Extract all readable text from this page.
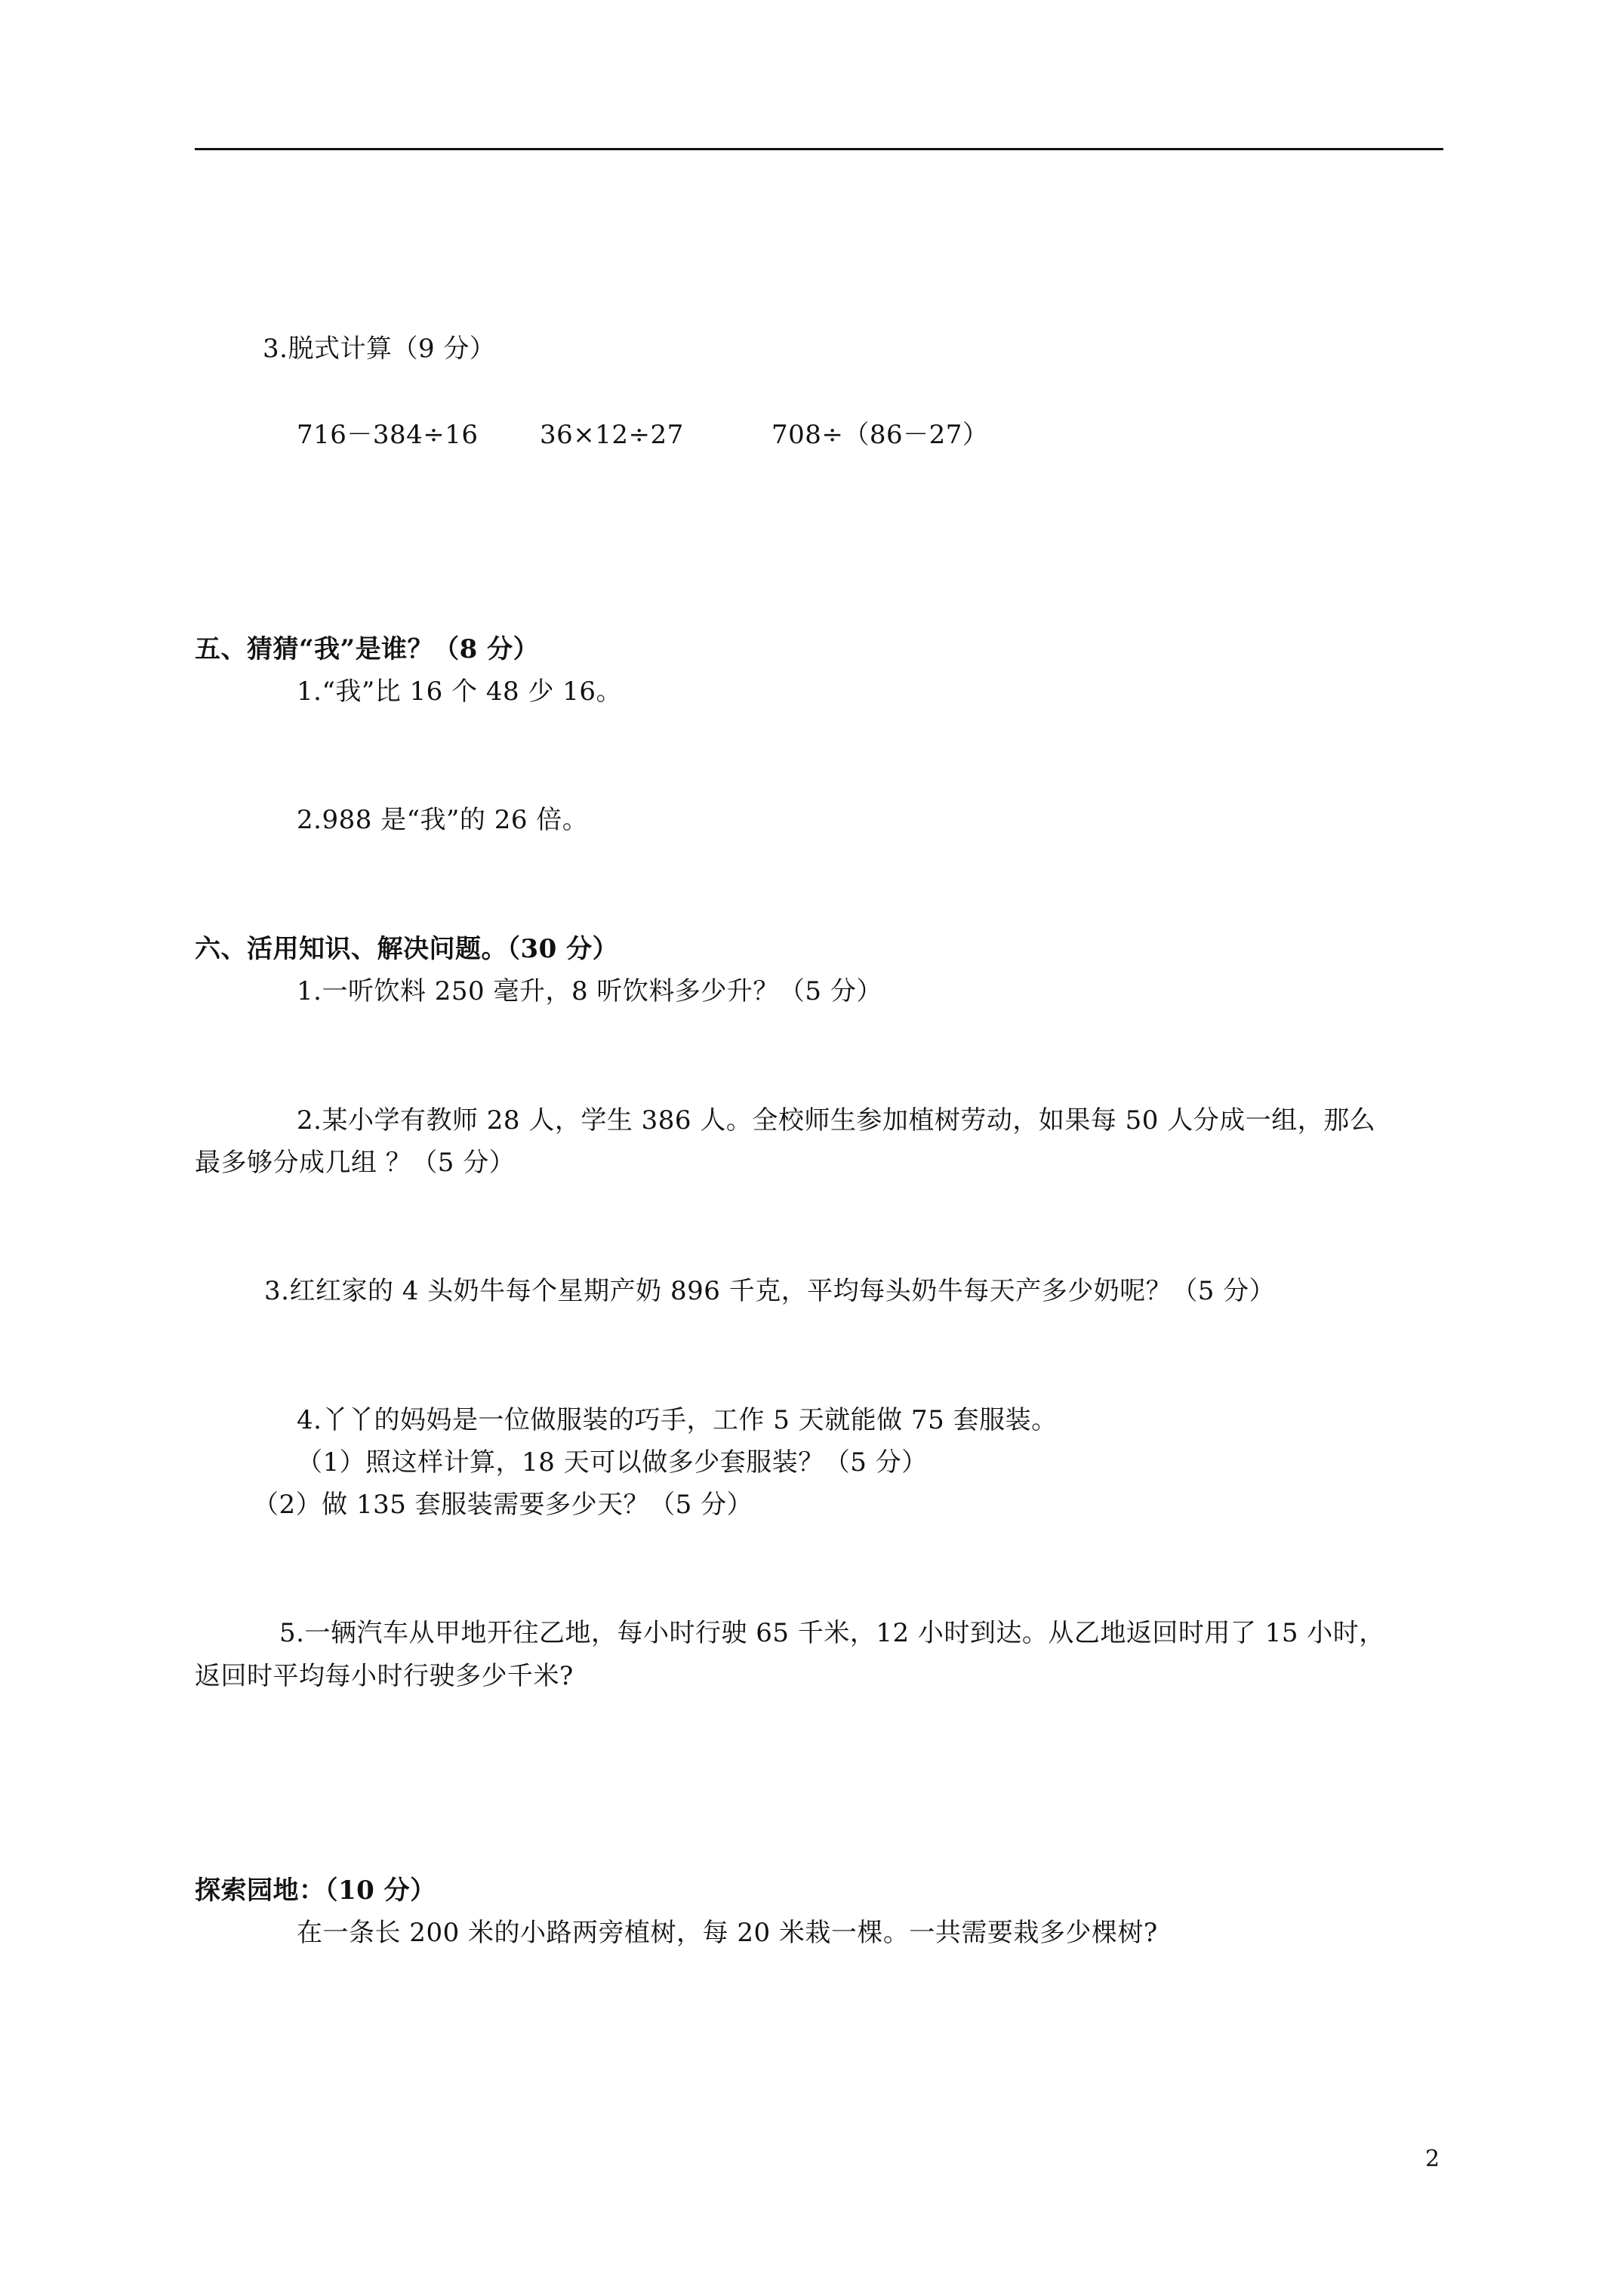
3.脱式计算（9 分）
716－384÷16 36×12÷27	708÷（86－27）
五、猜猜“我”是谁？（8 分）
1.“我”比 16 个 48 少 16。
2.988 是“我”的 26 倍。
六、活用知识、解决问题。（30 分）
1.一听饮料 250 毫升，8 听饮料多少升？（5 分）
2.某小学有教师 28 人，学生 386 人。全校师生参加植树劳动，如果每 50 人分成一组，那么
最多够分成几组 ？（5 分）
3.红红家的 4 头奶牛每个星期产奶 896 千克，平均每头奶牛每天产多少奶呢？（5 分）
4.丫丫的妈妈是一位做服装的巧手，工作 5 天就能做 75 套服装。
（1）照这样计算，18 天可以做多少套服装？（5 分）
（2）做 135 套服装需要多少天？（5 分）
5.一辆汽车从甲地开往乙地，每小时行驶 65 千米，12 小时到达。从乙地返回时用了 15 小时，
返回时平均每小时行驶多少千米?
探索园地：（10 分）
在一条长 200 米的小路两旁植树，每 20 米栽一棵。一共需要栽多少棵树?
2
